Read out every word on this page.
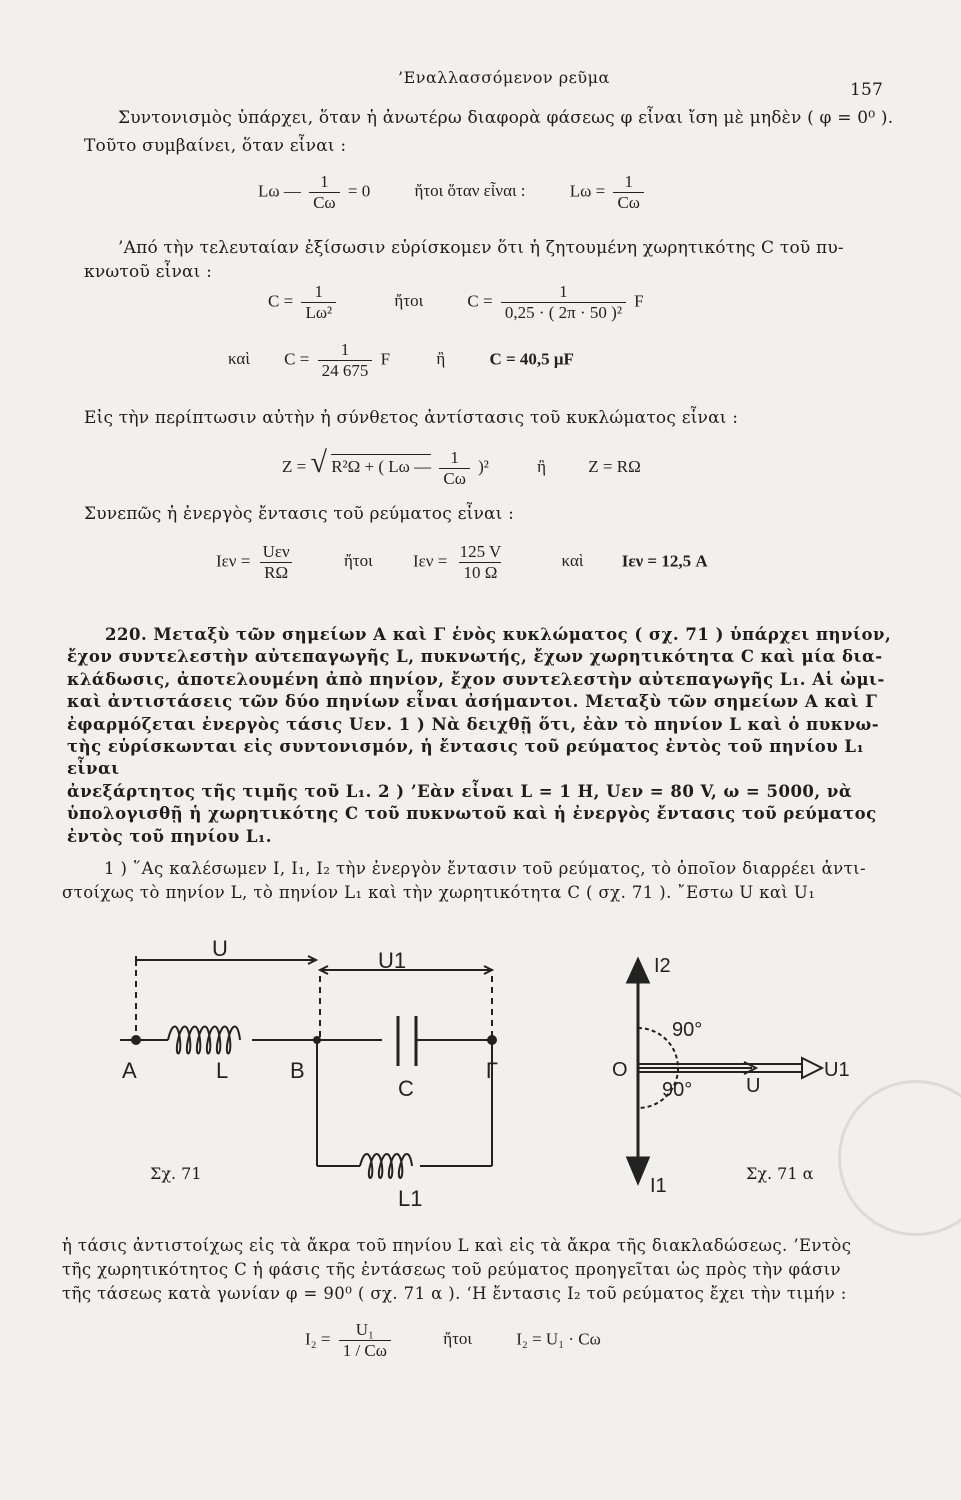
’Εναλλασσόμενον ρεῦμα
157
Συντονισμὸς ὑπάρχει, ὅταν ἡ ἀνωτέρω διαφορὰ φάσεως φ εἶναι ἴση μὲ μηδὲν ( φ = 0⁰ ).
Τοῦτο συμβαίνει, ὅταν εἶναι :
Lω — $\frac{1}{C\omega} = 0$	ἤτοι ὅταν εἶναι :	$L\omega = \frac{1}{C\omega}$
’Από τὴν τελευταίαν ἐξίσωσιν εὑρίσκομεν ὅτι ἡ ζητουμένη χωρητικότης C τοῦ πυ-
κνωτοῦ εἶναι :
$C = \frac{1}{\text{Lω²}}$	ἤτοι	$C = \frac{1}{\text{0,25 · ( 2π · 50 )²}}$ F
καὶ $C = \frac{1}{24 675}$ F	ἢ	C = 40,5 μF
Εἰς τὴν περίπτωσιν αὐτὴν ἡ σύνθετος ἀντίστασις τοῦ κυκλώματος εἶναι :
Z = √ R²Ω + ( Lω — $\frac{1}{C\omega} )^2$	ἢ Z = RΩ
Συνεπῶς ἡ ἐνεργὸς ἔντασις τοῦ ρεύματος εἶναι :
$I\varepsilon\nu = \frac{\text{Uεν}}{R\Omega}$	ἤτοι $I\varepsilon\nu = \frac{125 V}{10 \Omega}$	καὶ Iεν = 12,5 A
220. Μεταξὺ τῶν σημείων Α καὶ Γ ἑνὸς κυκλώματος ( σχ. 71 ) ὑπάρχει πηνίον,
ἔχον συντελεστὴν αὐτεπαγωγῆς L, πυκνωτής, ἔχων χωρητικότητα C καὶ μία δια-
κλάδωσις, ἀποτελουμένη ἀπὸ πηνίον, ἔχον συντελεστὴν αὐτεπαγωγῆς L₁. Αἱ ὠμι-
καὶ ἀντιστάσεις τῶν δύο πηνίων εἶναι ἀσήμαντοι. Μεταξὺ τῶν σημείων Α καὶ Γ
ἐφαρμόζεται ἐνεργὸς τάσις Uεν. 1 ) Νὰ δειχθῇ ὅτι, ἐὰν τὸ πηνίον L καὶ ὁ πυκνω-
τὴς εὑρίσκωνται εἰς συντονισμόν, ἡ ἔντασις τοῦ ρεύματος ἐντὸς τοῦ πηνίου L₁ εἶναι
ἀνεξάρτητος τῆς τιμῆς τοῦ L₁. 2 ) ’Εὰν εἶναι L = 1 H, Uεν = 80 V, ω = 5000, νὰ
ὑπολογισθῇ ἡ χωρητικότης C τοῦ πυκνωτοῦ καὶ ἡ ἐνεργὸς ἔντασις τοῦ ρεύματος
ἐντὸς τοῦ πηνίου L₁.
1 ) ῞Ας καλέσωμεν I, I₁, I₂ τὴν ἐνεργὸν ἔντασιν τοῦ ρεύματος, τὸ ὁποῖον διαρρέει ἀντι-
στοίχως τὸ πηνίον L, τὸ πηνίον L₁ καὶ τὴν χωρητικότητα C ( σχ. 71 ). ῎Εστω U καὶ U₁
U	U1
A	L	B
C
Γ
L1
Σχ. 71
I2
O
90°
90°	U
U1
I1
Σχ. 71 α
ἡ τάσις ἀντιστοίχως εἰς τὰ ἄκρα τοῦ πηνίου L καὶ εἰς τὰ ἄκρα τῆς διακλαδώσεως. ’Εντὸς
τῆς χωρητικότητος C ἡ φάσις τῆς ἐντάσεως τοῦ ρεύματος προηγεῖται ὡς πρὸς τὴν φάσιν
τῆς τάσεως κατὰ γωνίαν φ = 90⁰ ( σχ. 71 α ). ‘Η ἔντασις I₂ τοῦ ρεύματος ἔχει τὴν τιμήν :
$I_2 = \frac{\text{U₁}}{1 / C\omega}$	ἤτοι	I₂ = U₁ · Cω
